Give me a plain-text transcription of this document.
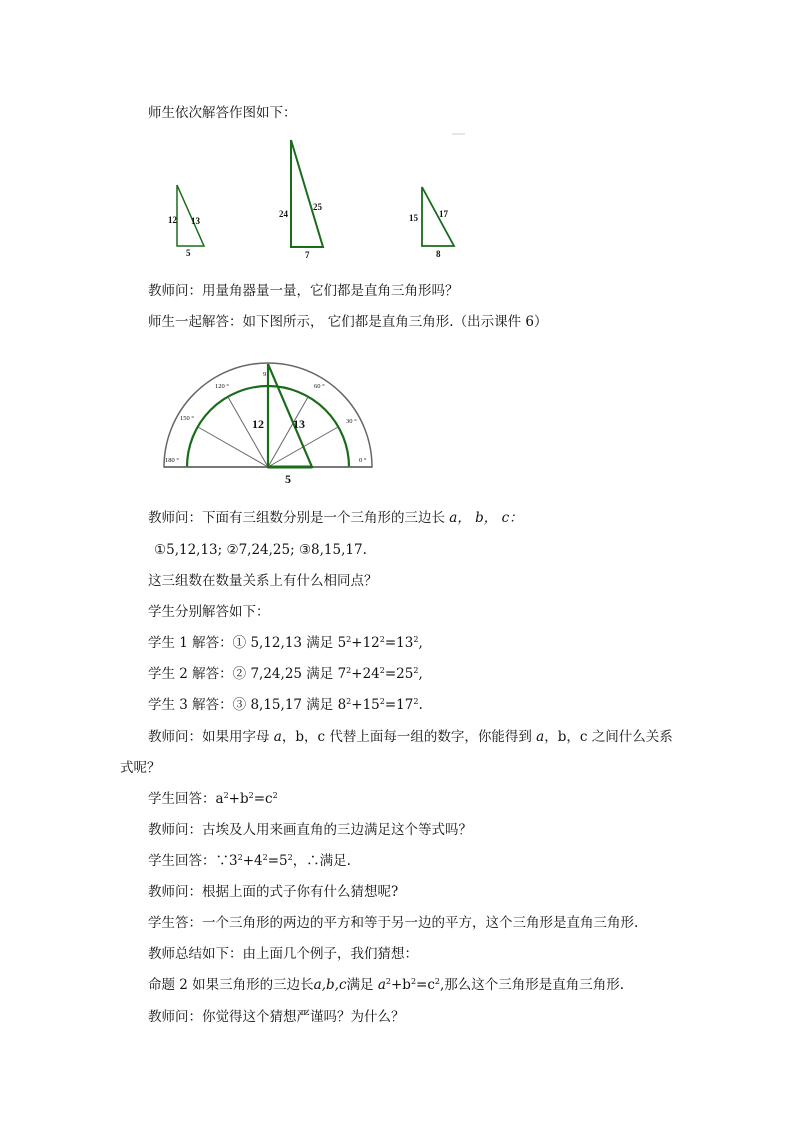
师生依次解答作图如下：
12 13
5
24
25
7
15 17
8
教师问：用量角器量一量，它们都是直角三角形吗？
师生一起解答：如下图所示， 它们都是直角三角形.（出示课件 6）
180 °
150 °
120 °
9
60 °
30 °
0 °
12 13
5
教师问：下面有三组数分别是一个三角形的三边长 a， b， c：
①5,12,13; ②7,24,25; ③8,15,17.
这三组数在数量关系上有什么相同点？
学生分别解答如下：
学生 1 解答：① 5,12,13 满足 $5^2+12^2=13^2$,
学生 2 解答：② 7,24,25 满足 $7^2+24^2=25^2$,
学生 3 解答：③ 8,15,17 满足 $8^2+15^2=17^2$.
教师问：如果用字母 a，b，c 代替上面每一组的数字，你能得到 a，b，c 之间什么关系
式呢？
学生回答：$a^2+b^2=c^2$
教师问：古埃及人用来画直角的三边满足这个等式吗？
学生回答：$\because 3^2+4^2=5^2$，∴满足.
教师问：根据上面的式子你有什么猜想呢?
学生答：一个三角形的两边的平方和等于另一边的平方，这个三角形是直角三角形.
教师总结如下：由上面几个例子，我们猜想：
命题 2 如果三角形的三边长a,b,c满足 $a^2+b^2=c^2$,那么这个三角形是直角三角形.
教师问：你觉得这个猜想严谨吗？为什么？
